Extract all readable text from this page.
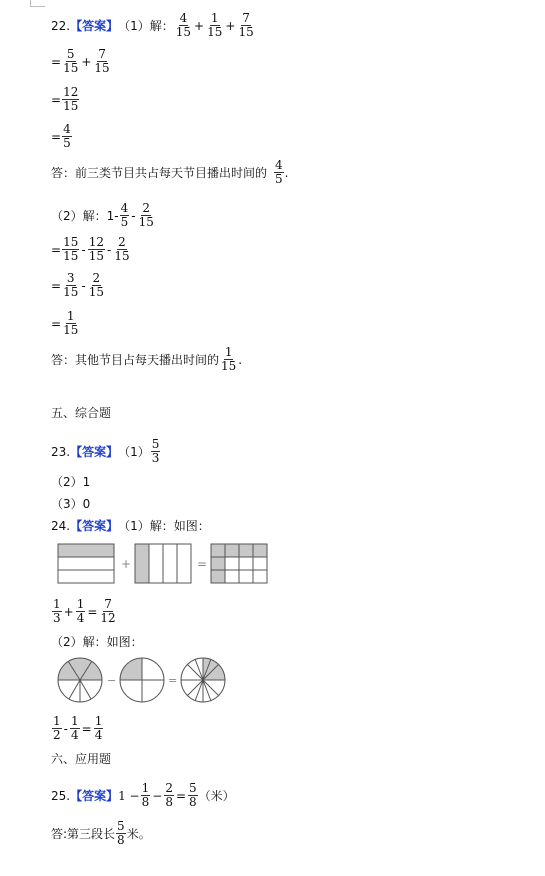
22. 【答案】 （1）解： $\frac{4}{15} + \frac{1}{15} + \frac{7}{15}$
= $\frac{5}{15} + \frac{7}{15}$
= $\frac{12}{15}$
= $\frac{4}{5}$
答：前三类节目共占每天节目播出时间的 $\frac{4}{5}$ .
（2）解：$1- \frac{4}{5} - \frac{2}{15}$
= $\frac{15}{15} - \frac{12}{15} - \frac{2}{15}$
= $\frac{3}{15} - \frac{2}{15}$
= $\frac{1}{15}$
答：其他节目占每天播出时间的 $\frac{1}{15}$ .
五、综合题
23. 【答案】 $(1) \frac{5}{3}$
（2）1
（3）0
24. 【答案】 （1）解：如图：
+	=
$\frac{1}{3} + \frac{1}{4} = \frac{7}{12}$
（2）解：如图：
−	=
$\frac{1}{2} - \frac{1}{4} = \frac{1}{4}$
六、应用题
25. 【答案】 $1 - \frac{1}{8} - \frac{2}{8} = \frac{5}{8}$ （米）
答:第三段长 $\frac{5}{8}$ 米。
